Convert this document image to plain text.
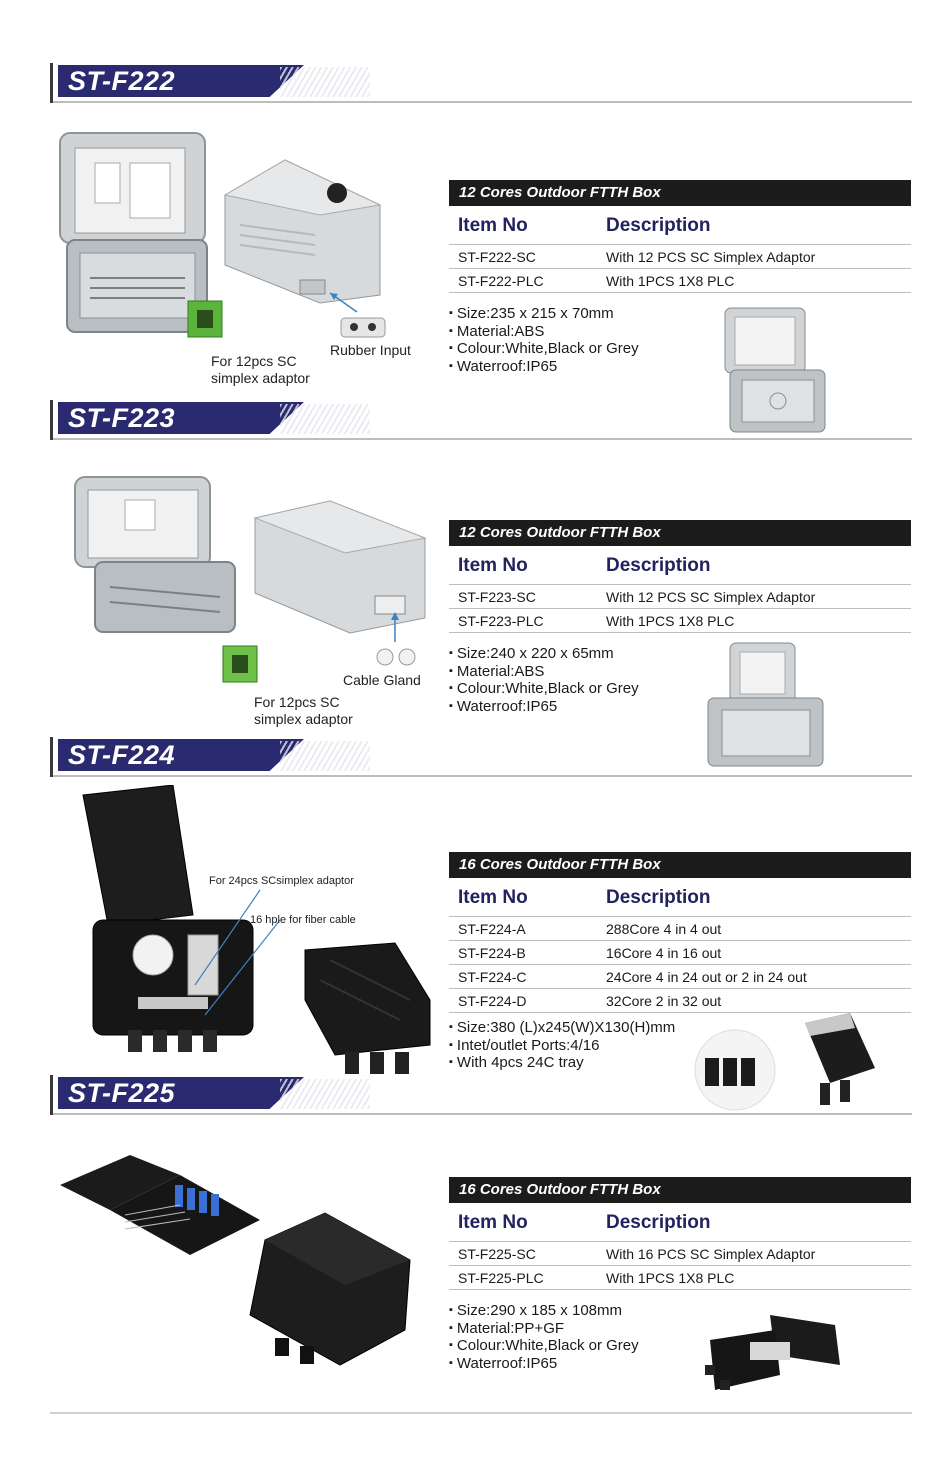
ST-F222
For 12pcs SC
simplex adaptor
Rubber Input
12 Cores Outdoor FTTH Box
Item No	Description
ST-F222-SC	With 12 PCS SC Simplex Adaptor
ST-F222-PLC	With 1PCS 1X8 PLC
▪ Size:235 x 215 x 70mm
▪ Material:ABS
▪ Colour:White,Black or Grey
▪ Waterroof:IP65
ST-F223
For 12pcs SC
simplex adaptor
Cable Gland
12 Cores Outdoor FTTH Box
Item No	Description
ST-F223-SC	With 12 PCS SC Simplex Adaptor
ST-F223-PLC	With 1PCS 1X8 PLC
▪ Size:240 x 220 x 65mm
▪ Material:ABS
▪ Colour:White,Black or Grey
▪ Waterroof:IP65
ST-F224
For 24pcs SCsimplex adaptor
16 hple for fiber cable
16 Cores Outdoor FTTH Box
Item No	Description
ST-F224-A	288Core 4 in 4 out
ST-F224-B	16Core 4 in 16 out
ST-F224-C	24Core 4 in 24 out or 2 in 24 out
ST-F224-D	32Core 2 in 32 out
▪ Size:380 (L)x245(W)X130(H)mm
▪ Intet/outlet Ports:4/16
▪ With 4pcs 24C tray
ST-F225
16 Cores Outdoor FTTH Box
Item No	Description
ST-F225-SC	With 16 PCS SC Simplex Adaptor
ST-F225-PLC	With 1PCS 1X8 PLC
▪ Size:290 x 185 x 108mm
▪ Material:PP+GF
▪ Colour:White,Black or Grey
▪ Waterroof:IP65
